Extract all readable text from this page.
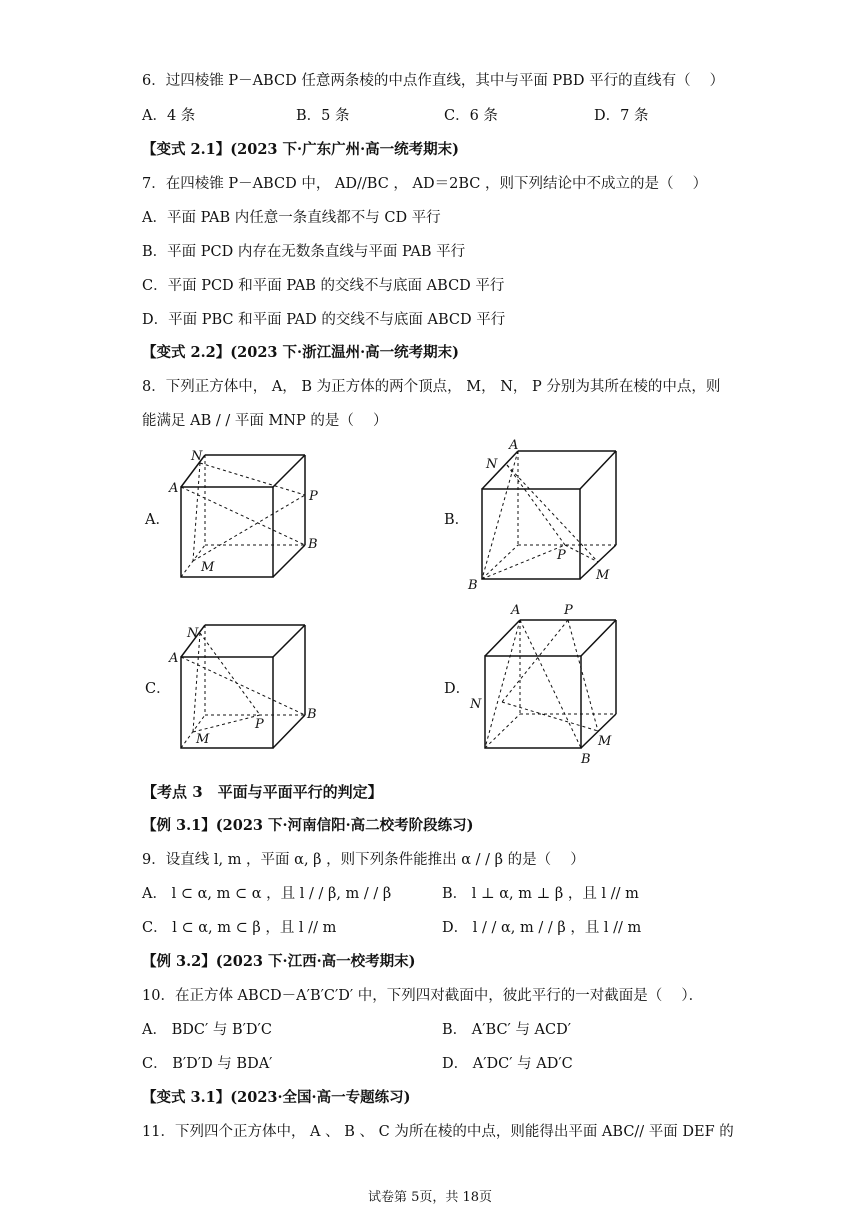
6．过四棱锥 P－ABCD 任意两条棱的中点作直线，其中与平面 PBD 平行的直线有（　 ）
A．4 条	B．5 条	C．6 条	D．7 条
【变式 2.1】(2023 下·广东广州·高一统考期末)
7．在四棱锥 P－ABCD 中， AD//BC ， AD＝2BC ，则下列结论中不成立的是（　 ）
A．平面 PAB 内任意一条直线都不与 CD 平行
B．平面 PCD 内存在无数条直线与平面 PAB 平行
C．平面 PCD 和平面 PAB 的交线不与底面 ABCD 平行
D．平面 PBC 和平面 PAD 的交线不与底面 ABCD 平行
【变式 2.2】(2023 下·浙江温州·高一统考期末)
8．下列正方体中， A， B 为正方体的两个顶点， M， N， P 分别为其所在棱的中点，则
能满足 AB / / 平面 MNP 的是（　 ）
A．	B．
C．	D．
N
A
P
B
M
A
N
P
M
B
N
A
P
B
M
A	P
N
M
B
【考点 3　平面与平面平行的判定】
【例 3.1】(2023 下·河南信阳·高二校考阶段练习)
9．设直线 l, m ，平面 α, β ，则下列条件能推出 α / / β 的是（　 ）
A． l ⊂ α, m ⊂ α ，且 l / / β, m / / β	B． l ⊥ α, m ⊥ β ，且 l // m
C． l ⊂ α, m ⊂ β ，且 l // m	D． l / / α, m / / β ，且 l // m
【例 3.2】(2023 下·江西·高一校考期末)
10．在正方体 ABCD－A′B′C′D′ 中，下列四对截面中，彼此平行的一对截面是（　 ）．
A． BDC′ 与 B′D′C	B． A′BC′ 与 ACD′
C． B′D′D 与 BDA′	D． A′DC′ 与 AD′C
【变式 3.1】(2023·全国·高一专题练习)
11．下列四个正方体中， A 、 B 、 C 为所在棱的中点，则能得出平面 ABC// 平面 DEF 的
试卷第 5页，共 18页
